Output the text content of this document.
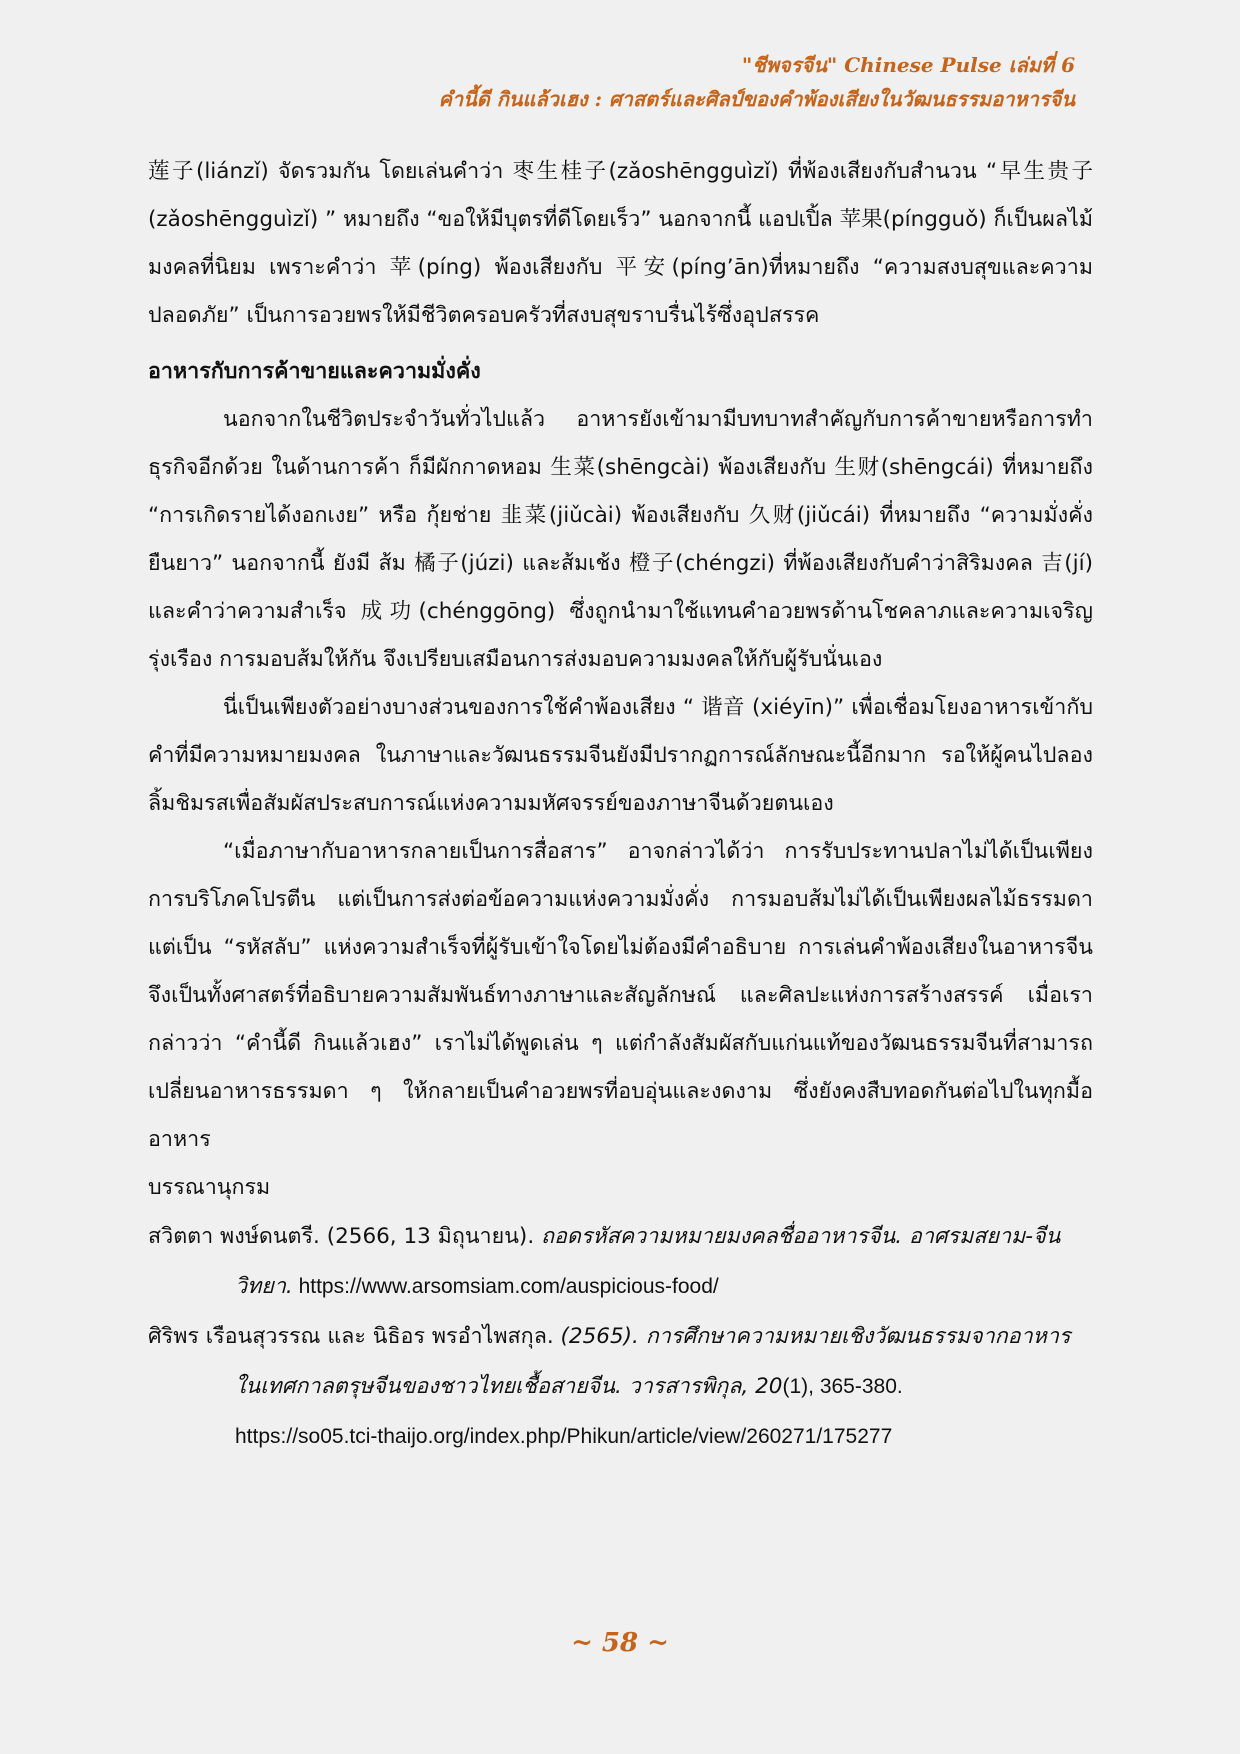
"ชีพจรจีน" Chinese Pulse เล่มที่ 6
คำนี้ดี กินแล้วเฮง : ศาสตร์และศิลป์ของคำพ้องเสียงในวัฒนธรรมอาหารจีน

莲子(liánzǐ) จัดรวมกัน โดยเล่นคำว่า 枣生桂子(zǎoshēngguìzǐ) ที่พ้องเสียงกับสำนวน “早生贵子(zǎoshēngguìzǐ) ” หมายถึง “ขอให้มีบุตรที่ดีโดยเร็ว” นอกจากนี้ แอปเปิ้ล 苹果(píngguǒ) ก็เป็นผลไม้มงคลที่นิยม เพราะคำว่า 苹(píng) พ้องเสียงกับ 平安(píng’ān)ที่หมายถึง “ความสงบสุขและความปลอดภัย” เป็นการอวยพรให้มีชีวิตครอบครัวที่สงบสุขราบรื่นไร้ซึ่งอุปสรรค

อาหารกับการค้าขายและความมั่งคั่ง

นอกจากในชีวิตประจำวันทั่วไปแล้ว อาหารยังเข้ามามีบทบาทสำคัญกับการค้าขายหรือการทำธุรกิจอีกด้วย ในด้านการค้า ก็มีผักกาดหอม 生菜(shēngcài) พ้องเสียงกับ 生财(shēngcái) ที่หมายถึง “การเกิดรายได้งอกเงย” หรือ กุ้ยช่าย 韭菜(jiǔcài) พ้องเสียงกับ 久财(jiǔcái) ที่หมายถึง “ความมั่งคั่งยืนยาว” นอกจากนี้ ยังมี ส้ม 橘子(júzi) และส้มเช้ง 橙子(chéngzi) ที่พ้องเสียงกับคำว่าสิริมงคล 吉(jí) และคำว่าความสำเร็จ 成功(chénggōng) ซึ่งถูกนำมาใช้แทนคำอวยพรด้านโชคลาภและความเจริญรุ่งเรือง การมอบส้มให้กัน จึงเปรียบเสมือนการส่งมอบความมงคลให้กับผู้รับนั่นเอง

นี่เป็นเพียงตัวอย่างบางส่วนของการใช้คำพ้องเสียง “ 谐音 (xiéyīn)” เพื่อเชื่อมโยงอาหารเข้ากับคำที่มีความหมายมงคล ในภาษาและวัฒนธรรมจีนยังมีปรากฏการณ์ลักษณะนี้อีกมาก รอให้ผู้คนไปลองลิ้มชิมรสเพื่อสัมผัสประสบการณ์แห่งความมหัศจรรย์ของภาษาจีนด้วยตนเอง

“เมื่อภาษากับอาหารกลายเป็นการสื่อสาร” อาจกล่าวได้ว่า การรับประทานปลาไม่ได้เป็นเพียงการบริโภคโปรตีน แต่เป็นการส่งต่อข้อความแห่งความมั่งคั่ง การมอบส้มไม่ได้เป็นเพียงผลไม้ธรรมดา แต่เป็น “รหัสลับ” แห่งความสำเร็จที่ผู้รับเข้าใจโดยไม่ต้องมีคำอธิบาย การเล่นคำพ้องเสียงในอาหารจีนจึงเป็นทั้งศาสตร์ที่อธิบายความสัมพันธ์ทางภาษาและสัญลักษณ์ และศิลปะแห่งการสร้างสรรค์ เมื่อเรากล่าวว่า “คำนี้ดี กินแล้วเฮง” เราไม่ได้พูดเล่น ๆ แต่กำลังสัมผัสกับแก่นแท้ของวัฒนธรรมจีนที่สามารถเปลี่ยนอาหารธรรมดา ๆ ให้กลายเป็นคำอวยพรที่อบอุ่นและงดงาม ซึ่งยังคงสืบทอดกันต่อไปในทุกมื้ออาหาร

บรรณานุกรม
สวิตตา พงษ์ดนตรี. (2566, 13 มิถุนายน). ถอดรหัสความหมายมงคลชื่ออาหารจีน. อาศรมสยาม-จีนวิทยา. https://www.arsomsiam.com/auspicious-food/
ศิริพร เรือนสุวรรณ และ นิธิอร พรอำไพสกุล. (2565). การศึกษาความหมายเชิงวัฒนธรรมจากอาหารในเทศกาลตรุษจีนของชาวไทยเชื้อสายจีน. วารสารพิกุล, 20(1), 365-380.
https://so05.tci-thaijo.org/index.php/Phikun/article/view/260271/175277
~ 58 ~
